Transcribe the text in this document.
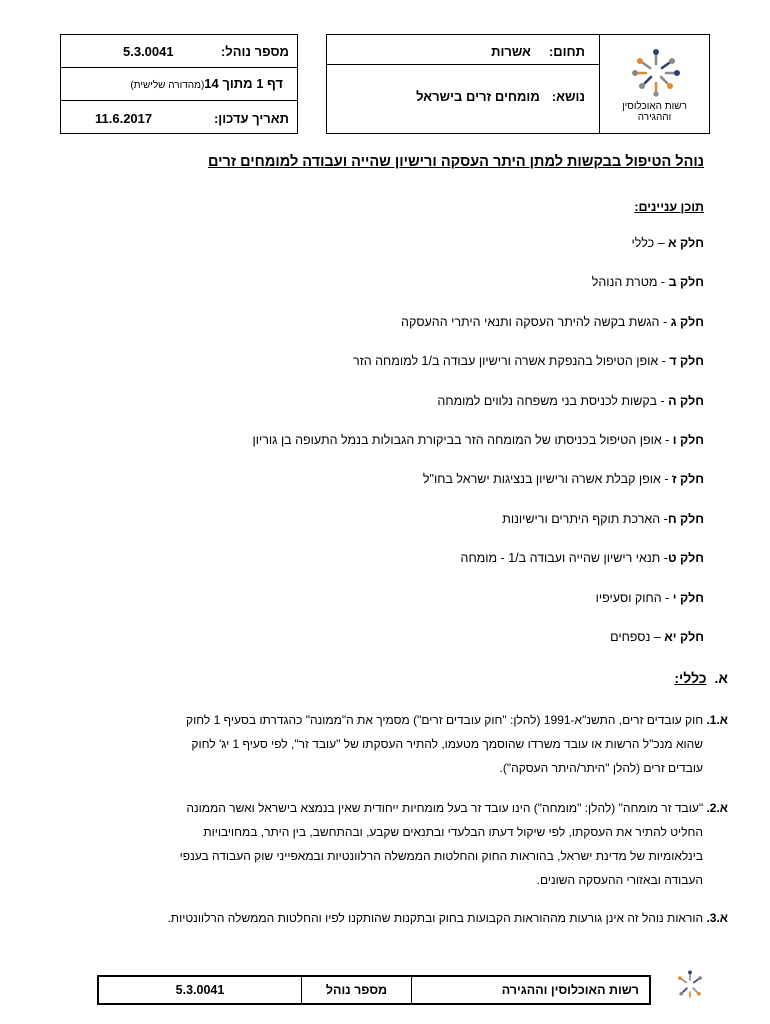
תחום:אשרות
נושא:מומחים זרים בישראל
רשות האוכלוסין
וההגירה
מספר נוהל:
5.3.0041
דף 1 מתוך 14(מהדורה שלישית)
תאריך עדכון:
11.6.2017
נוהל הטיפול בבקשות למתן היתר העסקה ורישיון שהייה ועבודה למומחים זרים
תוכן עניינים:
חלק א – כללי
חלק ב - מטרת הנוהל
חלק ג - הגשת בקשה להיתר העסקה ותנאי היתרי ההעסקה
חלק ד - אופן הטיפול בהנפקת אשרה ורישיון עבודה ב/1 למומחה הזר
חלק ה - בקשות לכניסת בני משפחה נלווים למומחה
חלק ו - אופן הטיפול בכניסתו של המומחה הזר בביקורת הגבולות בנמל התעופה בן גוריון
חלק ז - אופן קבלת אשרה ורישיון בנציגות ישראל בחו"ל
חלק ח- הארכת תוקף היתרים ורישיונות
חלק ט- תנאי רישיון שהייה ועבודה ב/1 - מומחה
חלק י - החוק וסעיפיו
חלק יא – נספחים
א.כללי:
א.1. חוק עובדים זרים, התשנ"א-1991 (להלן: "חוק עובדים זרים") מסמיך את ה"ממונה" כהגדרתו בסעיף 1 לחוק
שהוא מנכ"ל הרשות או עובד משרדו שהוסמך מטעמו, להתיר העסקתו של "עובד זר", לפי סעיף 1 יג' לחוק
עובדים זרים (להלן "היתר/היתר העסקה").
א.2. "עובד זר מומחה" (להלן: "מומחה") הינו עובד זר בעל מומחיות ייחודית שאין בנמצא בישראל ואשר הממונה
החליט להתיר את העסקתו, לפי שיקול דעתו הבלעדי ובתנאים שקבע, ובהתחשב, בין היתר, במחויבויות
בינלאומיות של מדינת ישראל, בהוראות החוק והחלטות הממשלה הרלוונטיות ובמאפייני שוק העבודה בענפי
העבודה ובאזורי ההעסקה השונים.
א.3. הוראות נוהל זה אינן גורעות מההוראות הקבועות בחוק ובתקנות שהותקנו לפיו והחלטות הממשלה הרלוונטיות.
רשות האוכלוסין וההגירה
מספר נוהל
5.3.0041
